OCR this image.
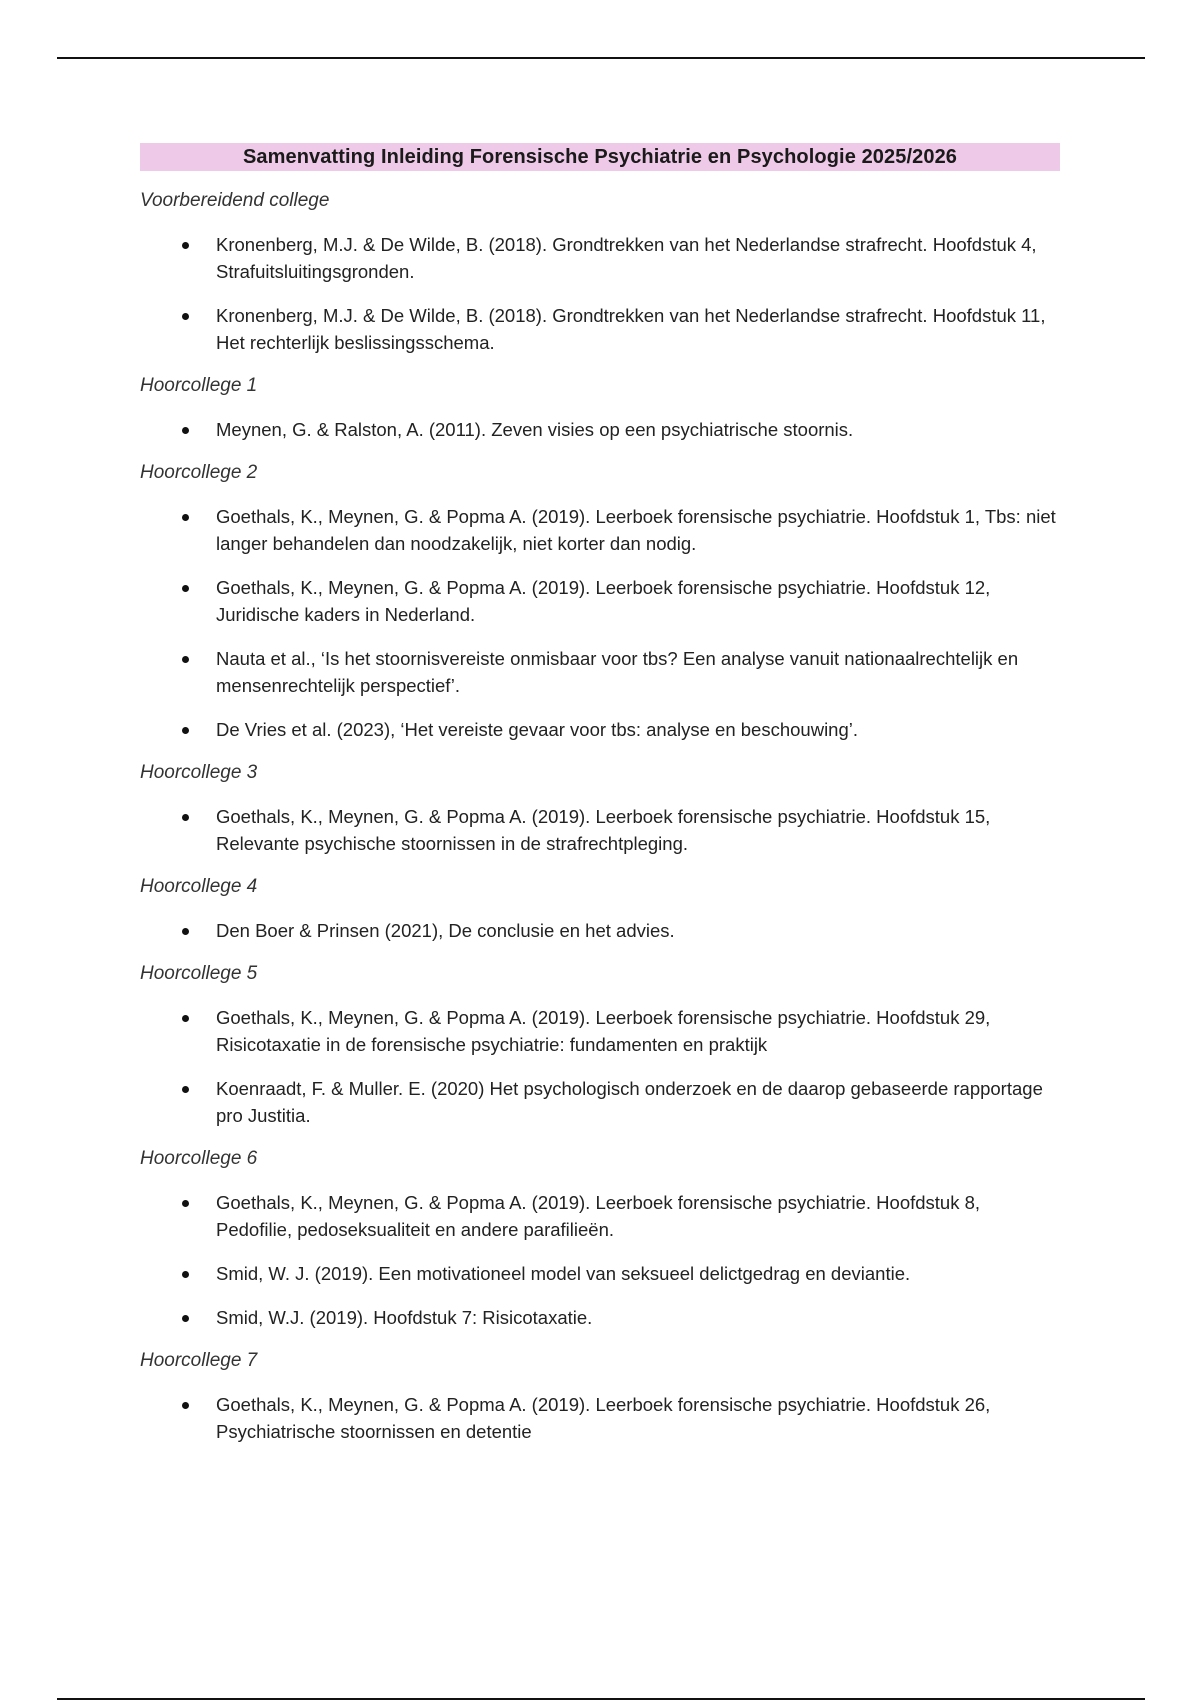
Samenvatting Inleiding Forensische Psychiatrie en Psychologie 2025/2026

Voorbereidend college

Kronenberg, M.J. & De Wilde, B. (2018). Grondtrekken van het Nederlandse strafrecht. Hoofdstuk 4, Strafuitsluitingsgronden.
Kronenberg, M.J. & De Wilde, B. (2018). Grondtrekken van het Nederlandse strafrecht. Hoofdstuk 11, Het rechterlijk beslissingsschema.

Hoorcollege 1

Meynen, G. & Ralston, A. (2011). Zeven visies op een psychiatrische stoornis.

Hoorcollege 2

Goethals, K., Meynen, G. & Popma A. (2019). Leerboek forensische psychiatrie. Hoofdstuk 1, Tbs: niet langer behandelen dan noodzakelijk, niet korter dan nodig.
Goethals, K., Meynen, G. & Popma A. (2019). Leerboek forensische psychiatrie. Hoofdstuk 12, Juridische kaders in Nederland.
Nauta et al., ‘Is het stoornisvereiste onmisbaar voor tbs? Een analyse vanuit nationaalrechtelijk en mensenrechtelijk perspectief’.
De Vries et al. (2023), ‘Het vereiste gevaar voor tbs: analyse en beschouwing’.

Hoorcollege 3

Goethals, K., Meynen, G. & Popma A. (2019). Leerboek forensische psychiatrie. Hoofdstuk 15, Relevante psychische stoornissen in de strafrechtpleging.

Hoorcollege 4

Den Boer & Prinsen (2021), De conclusie en het advies.

Hoorcollege 5

Goethals, K., Meynen, G. & Popma A. (2019). Leerboek forensische psychiatrie. Hoofdstuk 29, Risicotaxatie in de forensische psychiatrie: fundamenten en praktijk
Koenraadt, F. & Muller. E. (2020) Het psychologisch onderzoek en de daarop gebaseerde rapportage pro Justitia.

Hoorcollege 6

Goethals, K., Meynen, G. & Popma A. (2019). Leerboek forensische psychiatrie. Hoofdstuk 8, Pedofilie, pedoseksualiteit en andere parafilieën.
Smid, W. J. (2019). Een motivationeel model van seksueel delictgedrag en deviantie.
Smid, W.J. (2019). Hoofdstuk 7: Risicotaxatie.

Hoorcollege 7

Goethals, K., Meynen, G. & Popma A. (2019). Leerboek forensische psychiatrie. Hoofdstuk 26, Psychiatrische stoornissen en detentie
